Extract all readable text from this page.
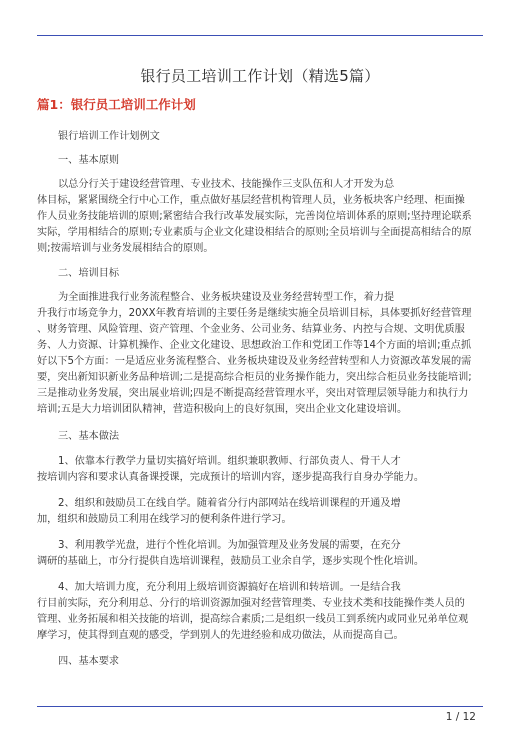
银行员工培训工作计划（精选5篇）
篇1：银行员工培训工作计划
银行培训工作计划例文
一、基本原则
以总分行关于建设经营管理、专业技术、技能操作三支队伍和人才开发为总
体目标，紧紧围绕全行中心工作，重点做好基层经营机构管理人员，业务板块客户经理、柜面操
作人员业务技能培训的原则;紧密结合我行改革发展实际，完善岗位培训体系的原则;坚持理论联系
实际，学用相结合的原则;专业素质与企业文化建设相结合的原则;全员培训与全面提高相结合的原
则;按需培训与业务发展相结合的原则。
二、培训目标
为全面推进我行业务流程整合、业务板块建设及业务经营转型工作，着力提
升我行市场竞争力，20XX年教育培训的主要任务是继续实施全员培训目标，具体要抓好经营管理
、财务管理、风险管理、资产管理、个金业务、公司业务、结算业务、内控与合规、文明优质服
务、人力资源、计算机操作、企业文化建设、思想政治工作和党团工作等14个方面的培训;重点抓
好以下5个方面：一是适应业务流程整合、业务板块建设及业务经营转型和人力资源改革发展的需
要，突出新知识新业务品种培训;二是提高综合柜员的业务操作能力，突出综合柜员业务技能培训;
三是推动业务发展，突出展业培训;四是不断提高经营管理水平，突出对管理层领导能力和执行力
培训;五是大力培训团队精神，营造积极向上的良好氛围，突出企业文化建设培训。
三、基本做法
1、依靠本行教学力量切实搞好培训。组织兼职教师、行部负责人、骨干人才
按培训内容和要求认真备课授课，完成预计的培训内容，逐步提高我行自身办学能力。
2、组织和鼓励员工在线自学。随着省分行内部网站在线培训课程的开通及增
加，组织和鼓励员工利用在线学习的便利条件进行学习。
3、利用教学光盘，进行个性化培训。为加强管理及业务发展的需要，在充分
调研的基础上，市分行提供自选培训课程，鼓励员工业余自学，逐步实现个性化培训。
4、加大培训力度，充分利用上级培训资源搞好在培训和转培训。一是结合我
行目前实际，充分利用总、分行的培训资源加强对经营管理类、专业技术类和技能操作类人员的
管理、业务拓展和相关技能的培训，提高综合素质;二是组织一线员工到系统内或同业兄弟单位观
摩学习，使其得到直观的感受，学到别人的先进经验和成功做法，从而提高自己。
四、基本要求
1 / 12
